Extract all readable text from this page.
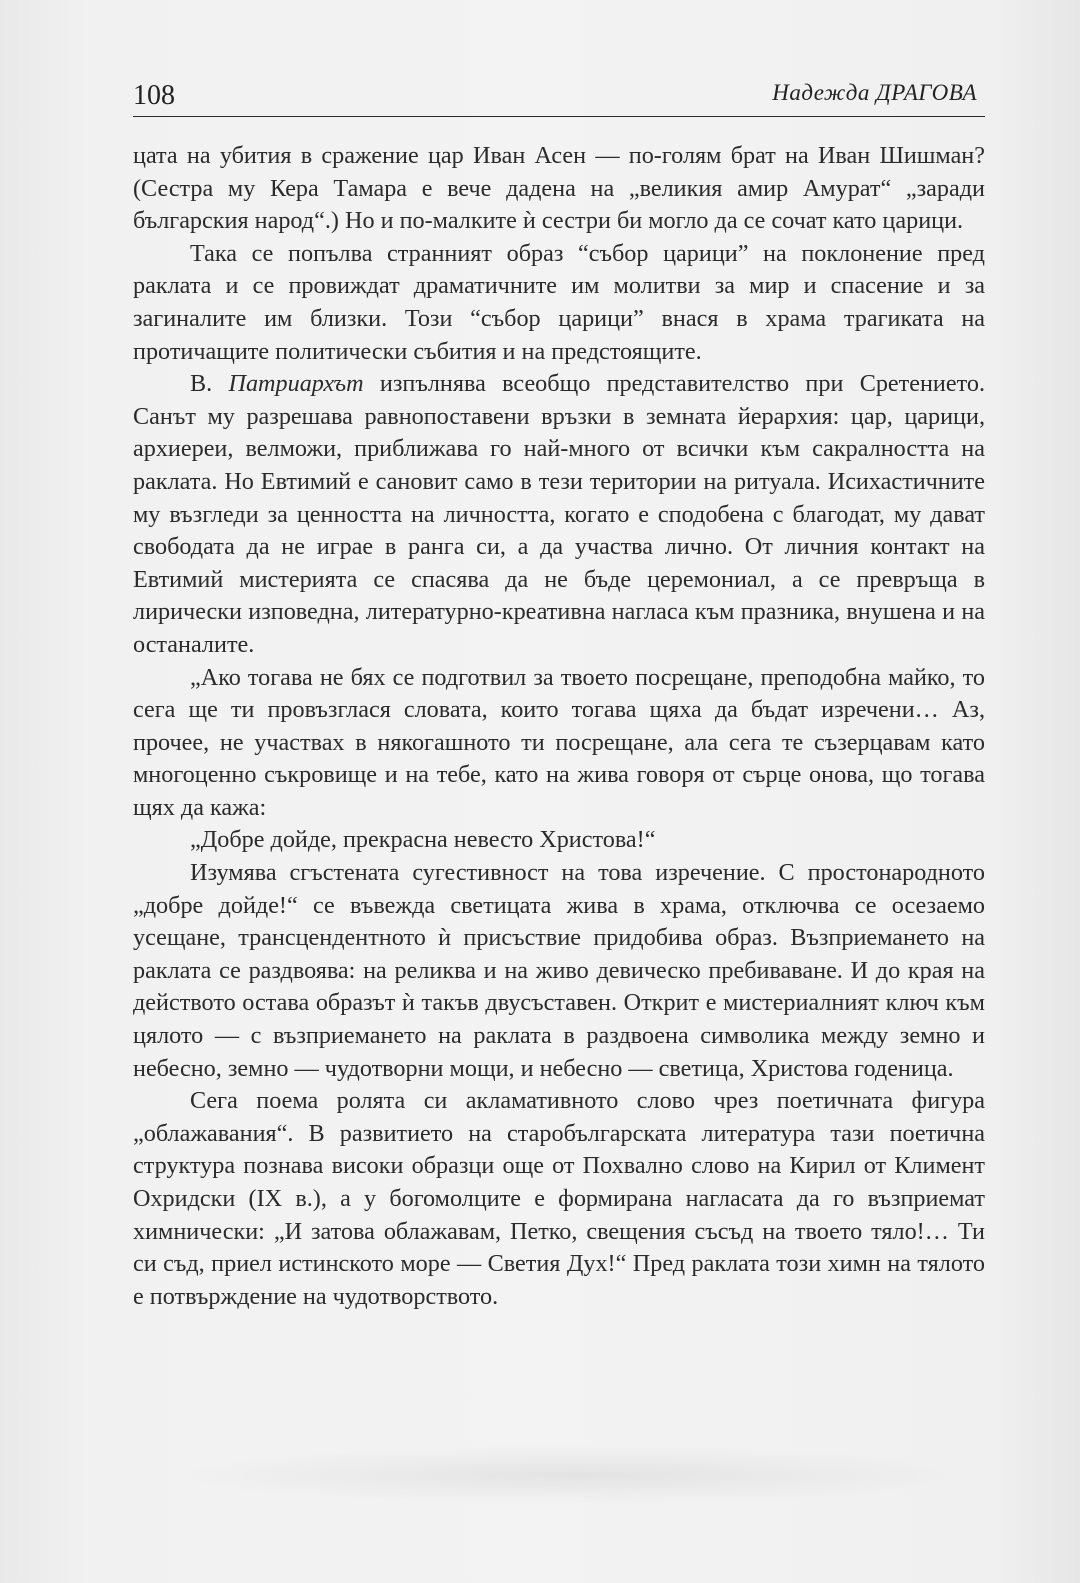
108	Надежда ДРАГОВА

цата на убития в сражение цар Иван Асен — по-голям брат на Иван Шишман? (Сестра му Кера Тамара е вече дадена на „великия амир Амурат“ „заради българския народ“.) Но и по-малките ѝ сестри би могло да се сочат като царици.

Така се попълва странният образ “събор царици” на поклонение пред раклата и се провиждат драматичните им молитви за мир и спасение и за загиналите им близки. Този “събор царици” внася в храма трагиката на протичащите политически събития и на предстоящите.

В. Патриархът изпълнява всеобщо представителство при Сретението. Санът му разрешава равнопоставени връзки в земната йерархия: цар, царици, архиереи, велможи, приближава го най-много от всички към сакралността на раклата. Но Евтимий е сановит само в тези територии на ритуала. Исихастичните му възгледи за ценността на личността, когато е сподобена с благодат, му дават свободата да не играе в ранга си, а да участва лично. От личния контакт на Евтимий мистерията се спасява да не бъде церемониал, а се превръща в лирически изповедна, литературно-креативна нагласа към празника, внушена и на останалите.

„Ако тогава не бях се подготвил за твоето посрещане, преподобна майко, то сега ще ти провъзглася словата, които тогава щяха да бъдат изречени… Аз, прочее, не участвах в някогашното ти посрещане, ала сега те съзерцавам като многоценно съкровище и на тебе, като на жива говоря от сърце онова, що тогава щях да кажа:

„Добре дойде, прекрасна невесто Христова!“

Изумява сгъстената сугестивност на това изречение. С простонародното „добре дойде!“ се въвежда светицата жива в храма, отключва се осезаемо усещане, трансцендентното ѝ присъствие придобива образ. Възприемането на раклата се раздвоява: на реликва и на живо девическо пребиваване. И до края на действото остава образът ѝ такъв двусъставен. Открит е мистериалният ключ към цялото — с възприемането на раклата в раздвоена символика между земно и небесно, земно — чудотворни мощи, и небесно — светица, Христова годеница.

Сега поема ролята си акламативното слово чрез поетичната фигура „облажавания“. В развитието на старобългарската литература тази поетична структура познава високи образци още от Похвално слово на Кирил от Климент Охридски (IX в.), а у богомолците е формирана нагласата да го възприемат химнически: „И затова облажавам, Петко, свещения съсъд на твоето тяло!… Ти си съд, приел истинското море — Светия Дух!“ Пред раклата този химн на тялото е потвърждение на чудотворството.
